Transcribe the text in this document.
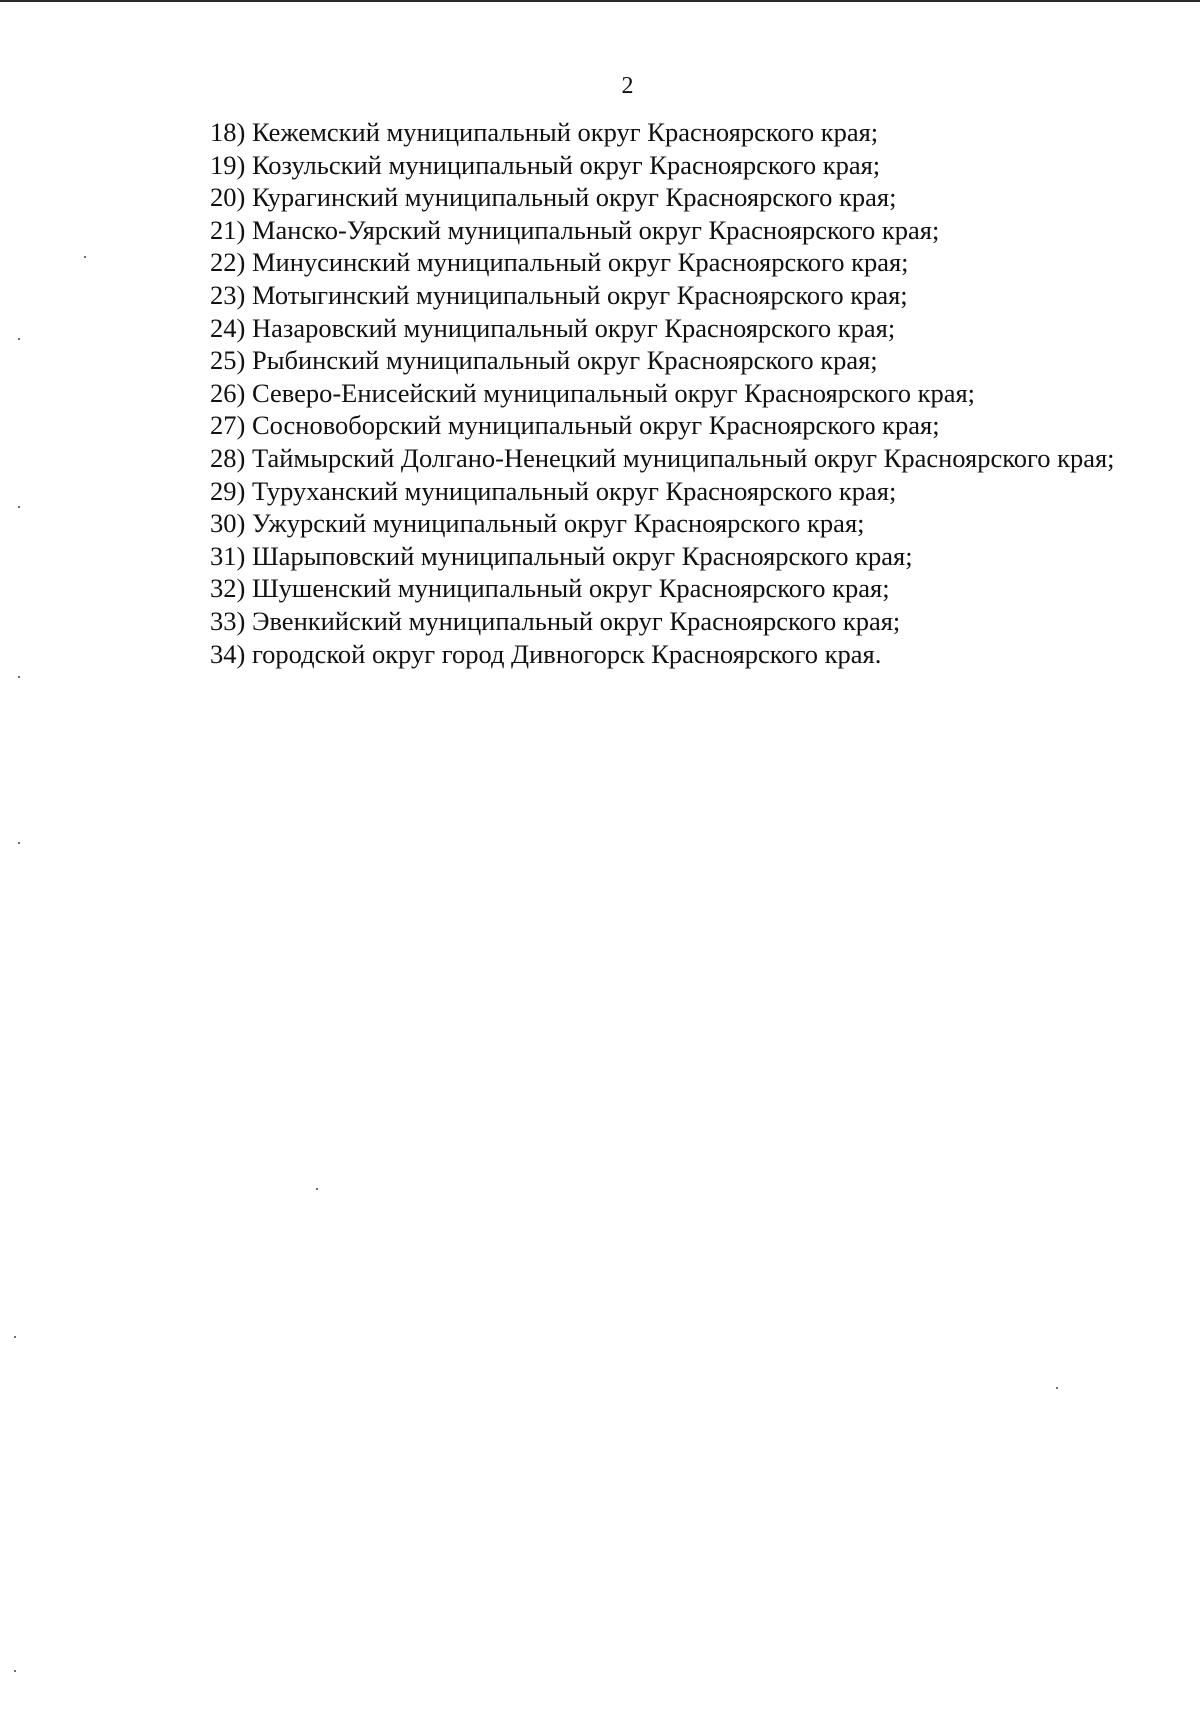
2
18) Кежемский муниципальный округ Красноярского края;
19) Козульский муниципальный округ Красноярского края;
20) Курагинский муниципальный округ Красноярского края;
21) Манско-Уярский муниципальный округ Красноярского края;
22) Минусинский муниципальный округ Красноярского края;
23) Мотыгинский муниципальный округ Красноярского края;
24) Назаровский муниципальный округ Красноярского края;
25) Рыбинский муниципальный округ Красноярского края;
26) Северо-Енисейский муниципальный округ Красноярского края;
27) Сосновоборский муниципальный округ Красноярского края;
28) Таймырский Долгано-Ненецкий муниципальный округ Красноярского края;
29) Туруханский муниципальный округ Красноярского края;
30) Ужурский муниципальный округ Красноярского края;
31) Шарыповский муниципальный округ Красноярского края;
32) Шушенский муниципальный округ Красноярского края;
33) Эвенкийский муниципальный округ Красноярского края;
34) городской округ город Дивногорск Красноярского края.
